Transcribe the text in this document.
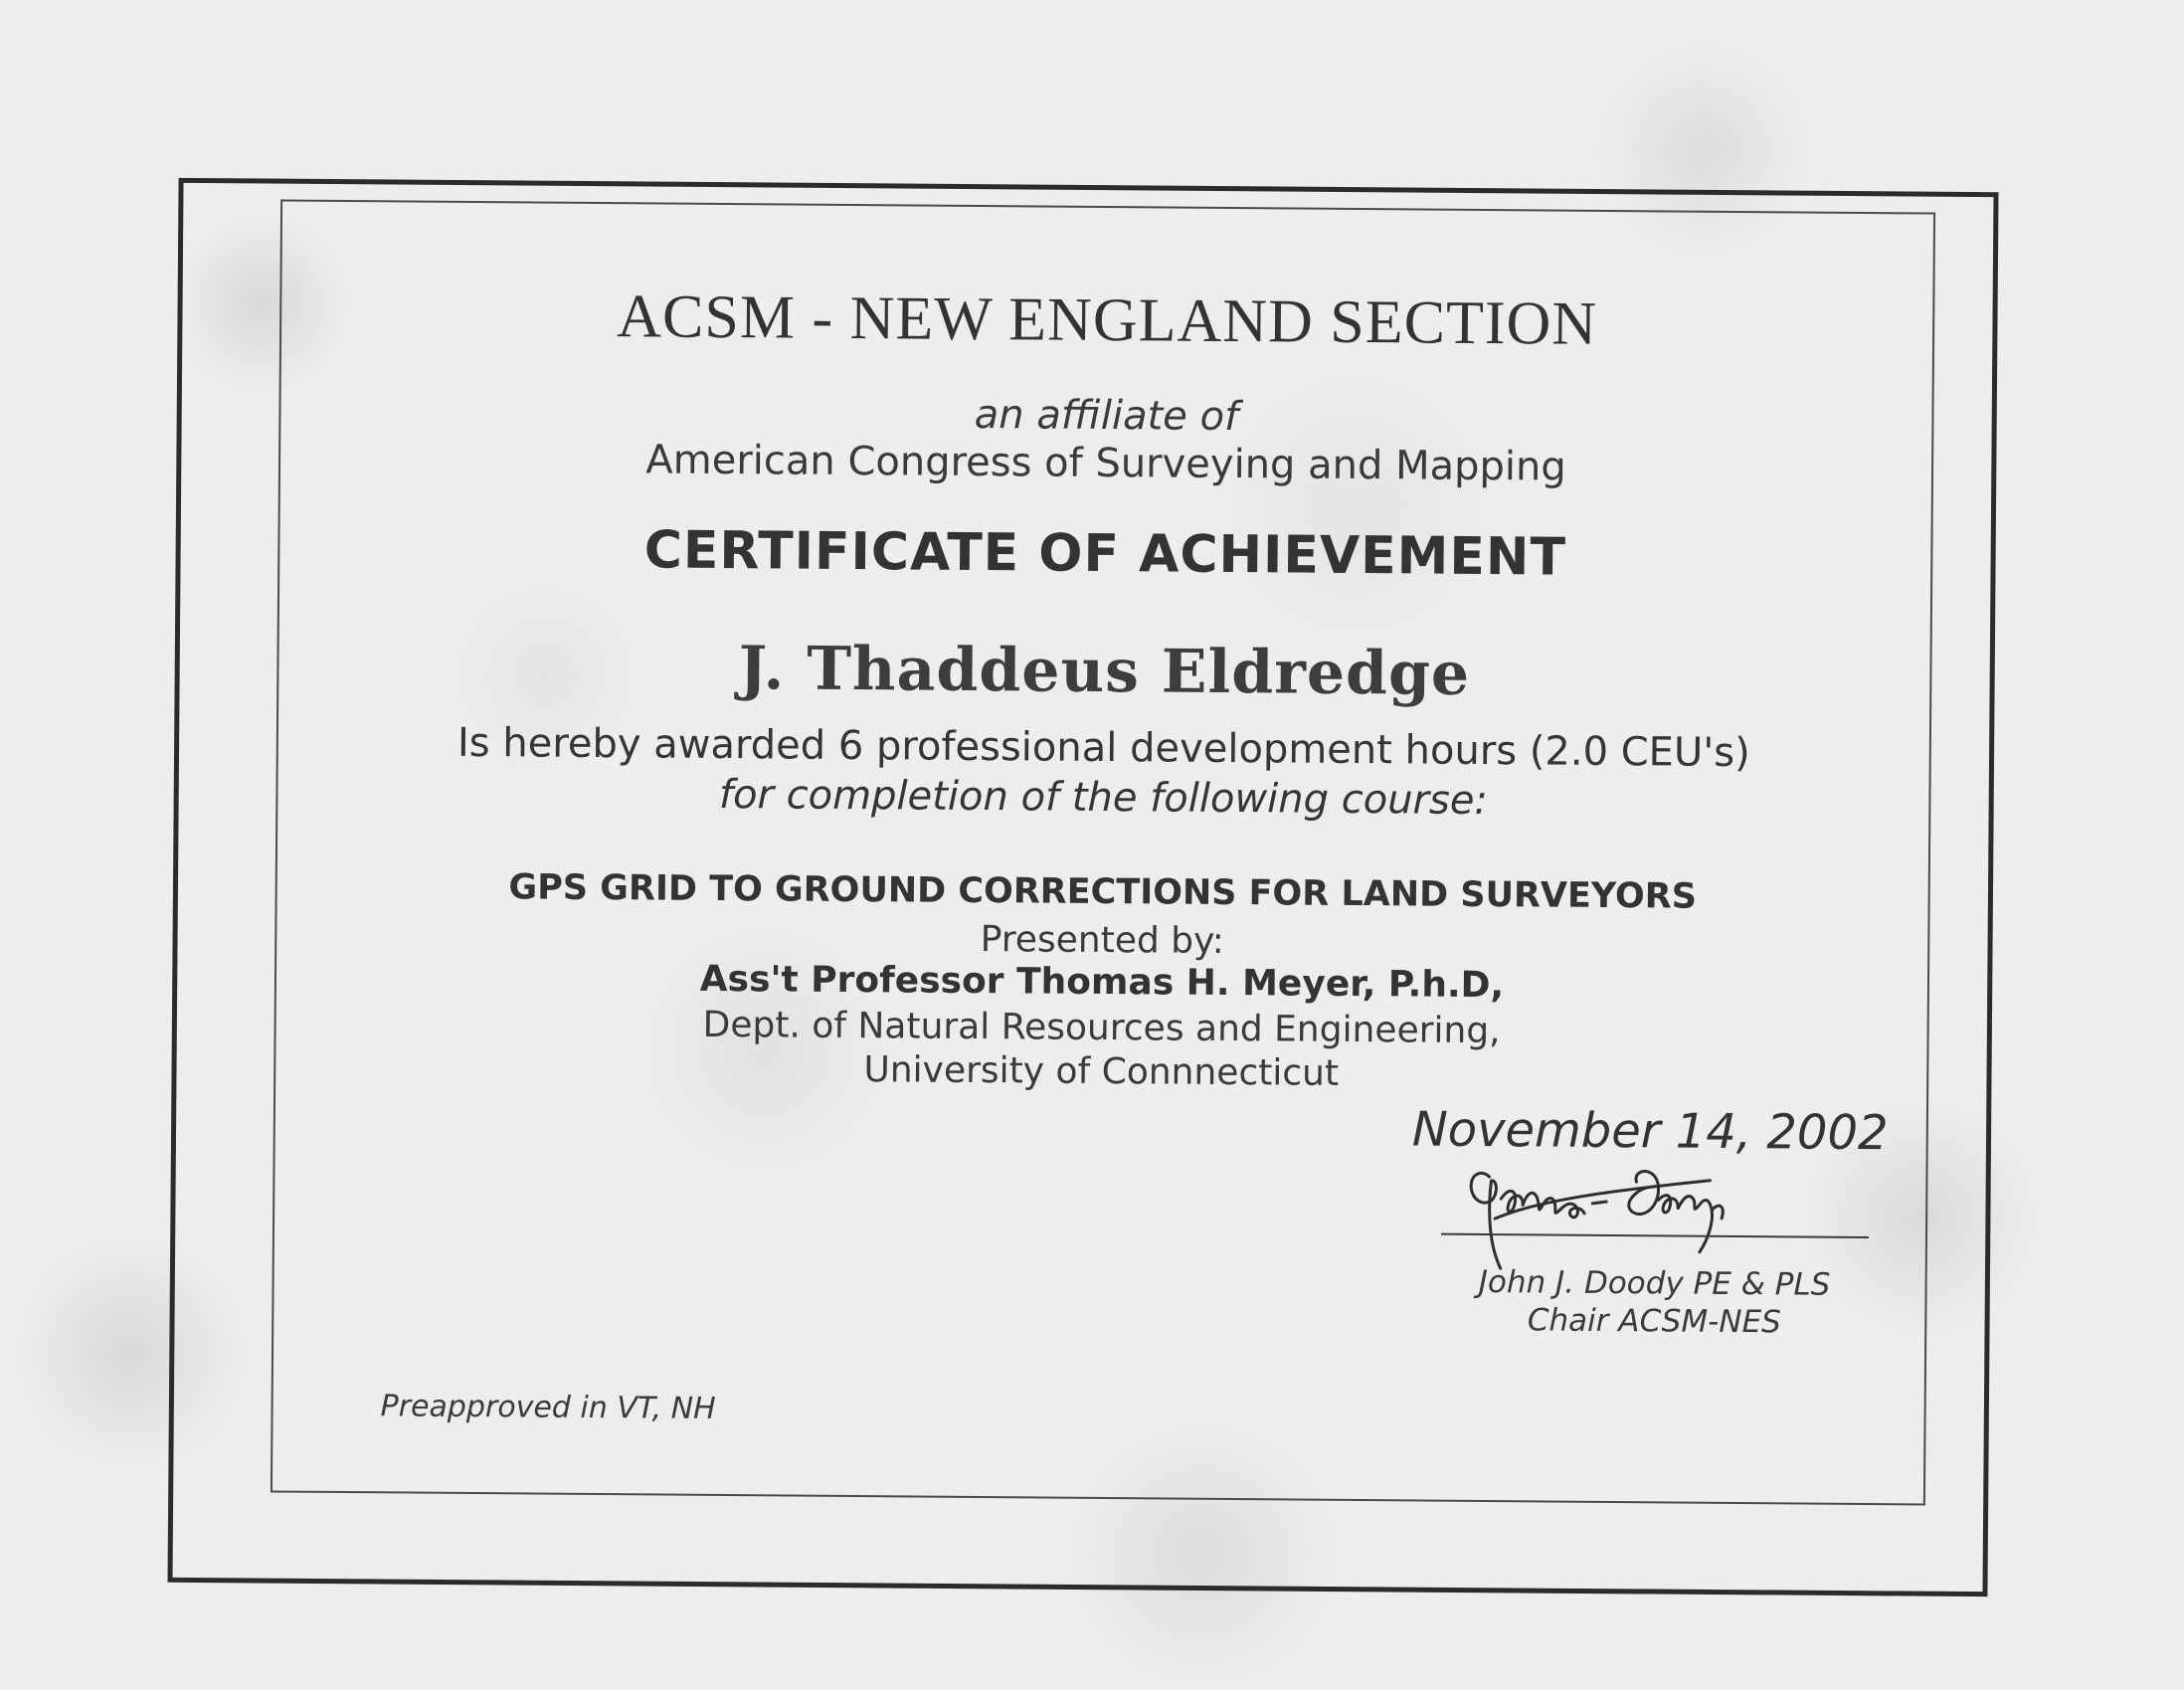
ACSM - NEW ENGLAND SECTION
an affiliate of
American Congress of Surveying and Mapping
CERTIFICATE OF ACHIEVEMENT
J. Thaddeus Eldredge
Is hereby awarded 6 professional development hours (2.0 CEU's)
for completion of the following course:
GPS GRID TO GROUND CORRECTIONS FOR LAND SURVEYORS
Presented by:
Ass't Professor Thomas H. Meyer, P.h.D,
Dept. of Natural Resources and Engineering,
University of Connnecticut
November 14, 2002
John J. Doody PE & PLS
Chair ACSM-NES
Preapproved in VT, NH
